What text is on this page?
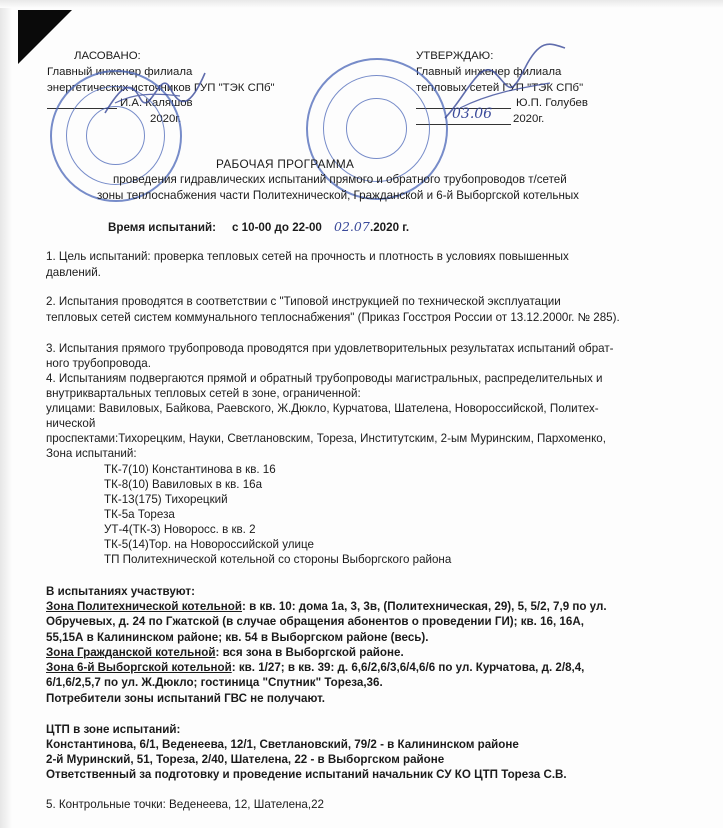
ЛАСОВАНО:
Главный инженер филиала
энергетических источников ГУП "ТЭК СПб"
И.А. Каляшов
2020г.
УТВЕРЖДАЮ:
Главный инженер филиала
тепловых сетей ГУП "ТЭК СПб"
Ю.П. Голубев
2020г.
03.06
РАБОЧАЯ ПРОГРАММА
проведения гидравлических испытаний прямого и обратного трубопроводов т/сетей
зоны теплоснабжения части Политехнической, Гражданской и 6-й Выборгской котельных
Время испытаний: с 10-00 до 22-00 02.07 .2020 г.
1. Цель испытаний: проверка тепловых сетей на прочность и плотность в условиях повышенных
давлений.
2. Испытания проводятся в соответствии с "Типовой инструкцией по технической эксплуатации
тепловых сетей систем коммунального теплоснабжения" (Приказ Госстроя России от 13.12.2000г. № 285).
3. Испытания прямого трубопровода проводятся при удовлетворительных результатах испытаний обрат-
ного трубопровода.
4. Испытаниям подвергаются прямой и обратный трубопроводы магистральных, распределительных и
внутриквартальных тепловых сетей в зоне, ограниченной:
улицами: Вавиловых, Байкова, Раевского, Ж.Дюкло, Курчатова, Шателена, Новороссийской, Политех-
нической
проспектами:Тихорецким, Науки, Светлановским, Тореза, Институтским, 2-ым Муринским, Пархоменко,
Зона испытаний:
ТК-7(10) Константинова в кв. 16
ТК-8(10) Вавиловых в кв. 16а
ТК-13(175) Тихорецкий
ТК-5а Тореза
УТ-4(ТК-3) Новоросс. в кв. 2
ТК-5(14)Тор. на Новороссийской улице
ТП Политехнической котельной со стороны Выборгского района
В испытаниях участвуют:
Зона Политехнической котельной: в кв. 10: дома 1а, 3, 3в, (Политехническая, 29), 5, 5/2, 7,9 по ул.
Обручевых, д. 24 по Гжатской (в случае обращения абонентов о проведении ГИ); кв. 16, 16А,
55,15А в Калининском районе; кв. 54 в Выборгском районе (весь).
Зона Гражданской котельной: вся зона в Выборгской районе.
Зона 6-й Выборгской котельной: кв. 1/27; в кв. 39: д. 6,6/2,6/3,6/4,6/6 по ул. Курчатова, д. 2/8,4,
6/1,6/2,5,7 по ул. Ж.Дюкло; гостиница "Спутник" Тореза,36.
Потребители зоны испытаний ГВС не получают.
ЦТП в зоне испытаний:
Константинова, 6/1, Веденеева, 12/1, Светлановский, 79/2 - в Калининском районе
2-й Муринский, 51, Тореза, 2/40, Шателена, 22 - в Выборгском районе
Ответственный за подготовку и проведение испытаний начальник СУ КО ЦТП Тореза С.В.
5. Контрольные точки: Веденеева, 12, Шателена,22
